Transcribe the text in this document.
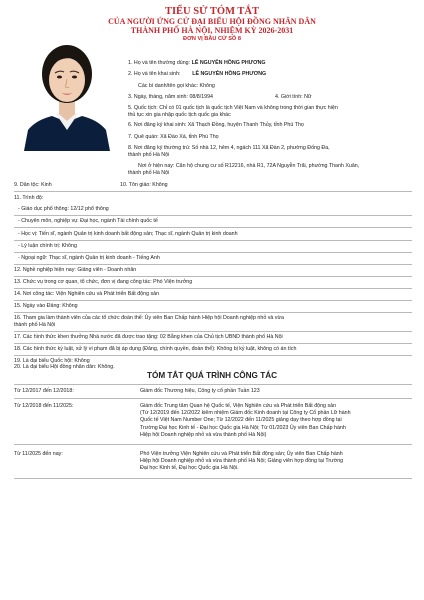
TIỂU SỬ TÓM TẮT
CỦA NGƯỜI ỨNG CỬ ĐẠI BIỂU HỘI ĐỒNG NHÂN DÂN
THÀNH PHỐ HÀ NỘI, NHIỆM KỲ 2026-2031
ĐƠN VỊ BẦU CỬ SỐ 8
1. Họ và tên thường dùng: LÊ NGUYỄN HỒNG PHƯƠNG
2. Họ và tên khai sinh: LÊ NGUYỄN HỒNG PHƯƠNG
Các bí danh/tên gọi khác: Không
3. Ngày, tháng, năm sinh: 08/8/1994	4. Giới tính: Nữ
5. Quốc tịch: Chỉ có 01 quốc tịch là quốc tịch Việt Nam và không trong thời gian thực hiện
thủ tục xin gia nhập quốc tịch quốc gia khác
6. Nơi đăng ký khai sinh: Xã Thạch Đồng, huyện Thanh Thủy, tỉnh Phú Thọ
7. Quê quán: Xã Đào Xá, tỉnh Phú Thọ
8. Nơi đăng ký thường trú: Số nhà 12, hẻm 4, ngách 111 Xã Đàn 2, phường Đống Đa,
thành phố Hà Nội
Nơi ở hiện nay: Căn hộ chung cư số R12216, nhà R1, 72A Nguyễn Trãi, phường Thanh Xuân,
thành phố Hà Nội
9. Dân tộc: Kinh	10. Tôn giáo: Không
11. Trình độ:
- Giáo dục phổ thông: 12/12 phổ thông
- Chuyên môn, nghiệp vụ: Đại học, ngành Tài chính quốc tế
- Học vị: Tiến sĩ, ngành Quản trị kinh doanh bất động sản; Thạc sĩ, ngành Quản trị kinh doanh
- Lý luận chính trị: Không
- Ngoại ngữ: Thạc sĩ, ngành Quản trị kinh doanh - Tiếng Anh
12. Nghề nghiệp hiện nay: Giảng viên - Doanh nhân
13. Chức vụ trong cơ quan, tổ chức, đơn vị đang công tác: Phó Viện trưởng
14. Nơi công tác: Viện Nghiên cứu và Phát triển Bất động sản
15. Ngày vào Đảng: Không
16. Tham gia làm thành viên của các tổ chức đoàn thể: Ủy viên Ban Chấp hành Hiệp hội Doanh nghiệp nhỏ và vừa
thành phố Hà Nội
17. Các hình thức khen thưởng Nhà nước đã được trao tặng: 02 Bằng khen của Chủ tịch UBND thành phố Hà Nội
18. Các hình thức kỷ luật, xử lý vi phạm đã bị áp dụng (Đảng, chính quyền, đoàn thể): Không bị kỷ luật, không có án tích
19. Là đại biểu Quốc hội: Không
20. Là đại biểu Hội đồng nhân dân: Không.
TÓM TẮT QUÁ TRÌNH CÔNG TÁC
Từ 12/2017 đến 12/2018:	Giám đốc Thương hiệu, Công ty cổ phần Tuần 123
Từ 12/2018 đến 11/2025:	Giám đốc Trung tâm Quan hệ Quốc tế, Viện Nghiên cứu và Phát triển Bất động sản
(Từ 12/2019 đến 12/2022 kiêm nhiệm Giám đốc Kinh doanh tại Công ty Cổ phần Lữ hành
Quốc tế Việt Nam Number One; Từ 12/2022 đến 11/2025 giảng dạy theo hợp đồng tại
Trường Đại học Kinh tế - Đại học Quốc gia Hà Nội; Từ 01/2023 Ủy viên Ban Chấp hành
Hiệp hội Doanh nghiệp nhỏ và vừa thành phố Hà Nội)
Từ 11/2025 đến nay:	Phó Viện trưởng Viện Nghiên cứu và Phát triển Bất động sản; Ủy viên Ban Chấp hành
Hiệp hội Doanh nghiệp nhỏ và vừa thành phố Hà Nội; Giảng viên hợp đồng tại Trường
Đại học Kinh tế, Đại học Quốc gia Hà Nội.
